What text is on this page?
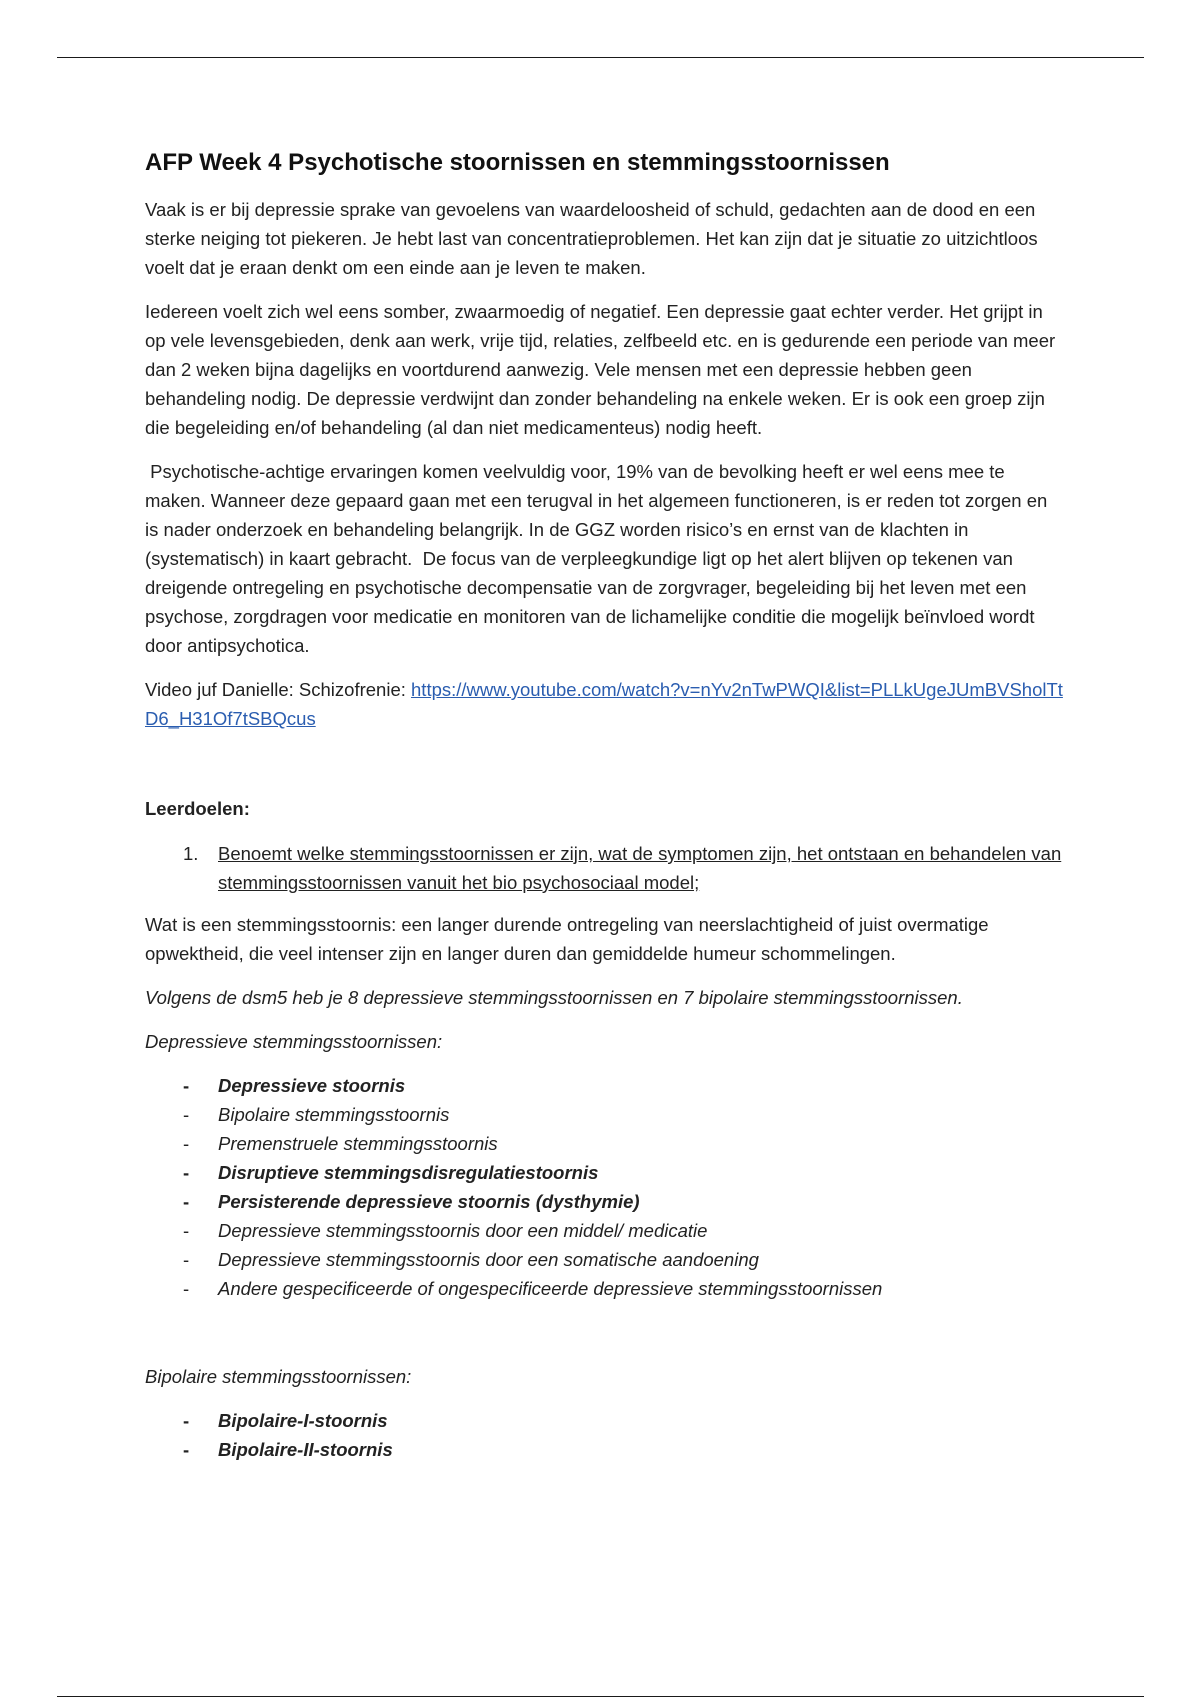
AFP Week 4 Psychotische stoornissen en stemmingsstoornissen

Vaak is er bij depressie sprake van gevoelens van waardeloosheid of schuld, gedachten aan de dood en een sterke neiging tot piekeren. Je hebt last van concentratieproblemen. Het kan zijn dat je situatie zo uitzichtloos voelt dat je eraan denkt om een einde aan je leven te maken.

Iedereen voelt zich wel eens somber, zwaarmoedig of negatief. Een depressie gaat echter verder. Het grijpt in op vele levensgebieden, denk aan werk, vrije tijd, relaties, zelfbeeld etc. en is gedurende een periode van meer dan 2 weken bijna dagelijks en voortdurend aanwezig. Vele mensen met een depressie hebben geen behandeling nodig. De depressie verdwijnt dan zonder behandeling na enkele weken. Er is ook een groep zijn die begeleiding en/of behandeling (al dan niet medicamenteus) nodig heeft.

Psychotische-achtige ervaringen komen veelvuldig voor, 19% van de bevolking heeft er wel eens mee te maken. Wanneer deze gepaard gaan met een terugval in het algemeen functioneren, is er reden tot zorgen en is nader onderzoek en behandeling belangrijk. In de GGZ worden risico’s en ernst van de klachten in (systematisch) in kaart gebracht.  De focus van de verpleegkundige ligt op het alert blijven op tekenen van dreigende ontregeling en psychotische decompensatie van de zorgvrager, begeleiding bij het leven met een psychose, zorgdragen voor medicatie en monitoren van de lichamelijke conditie die mogelijk beïnvloed wordt door antipsychotica.

Video juf Danielle: Schizofrenie: https://www.youtube.com/watch?v=nYv2nTwPWQI&list=PLLkUgeJUmBVSholTtD6_H31Of7tSBQcus

Leerdoelen:

1. Benoemt welke stemmingsstoornissen er zijn, wat de symptomen zijn, het ontstaan en behandelen van stemmingsstoornissen vanuit het bio psychosociaal model;

Wat is een stemmingsstoornis: een langer durende ontregeling van neerslachtigheid of juist overmatige opwektheid, die veel intenser zijn en langer duren dan gemiddelde humeur schommelingen.

Volgens de dsm5 heb je 8 depressieve stemmingsstoornissen en 7 bipolaire stemmingsstoornissen.

Depressieve stemmingsstoornissen:

- Depressieve stoornis
- Bipolaire stemmingsstoornis
- Premenstruele stemmingsstoornis
- Disruptieve stemmingsdisregulatiestoornis
- Persisterende depressieve stoornis (dysthymie)
- Depressieve stemmingsstoornis door een middel/ medicatie
- Depressieve stemmingsstoornis door een somatische aandoening
- Andere gespecificeerde of ongespecificeerde depressieve stemmingsstoornissen

Bipolaire stemmingsstoornissen:

- Bipolaire-I-stoornis
- Bipolaire-II-stoornis
